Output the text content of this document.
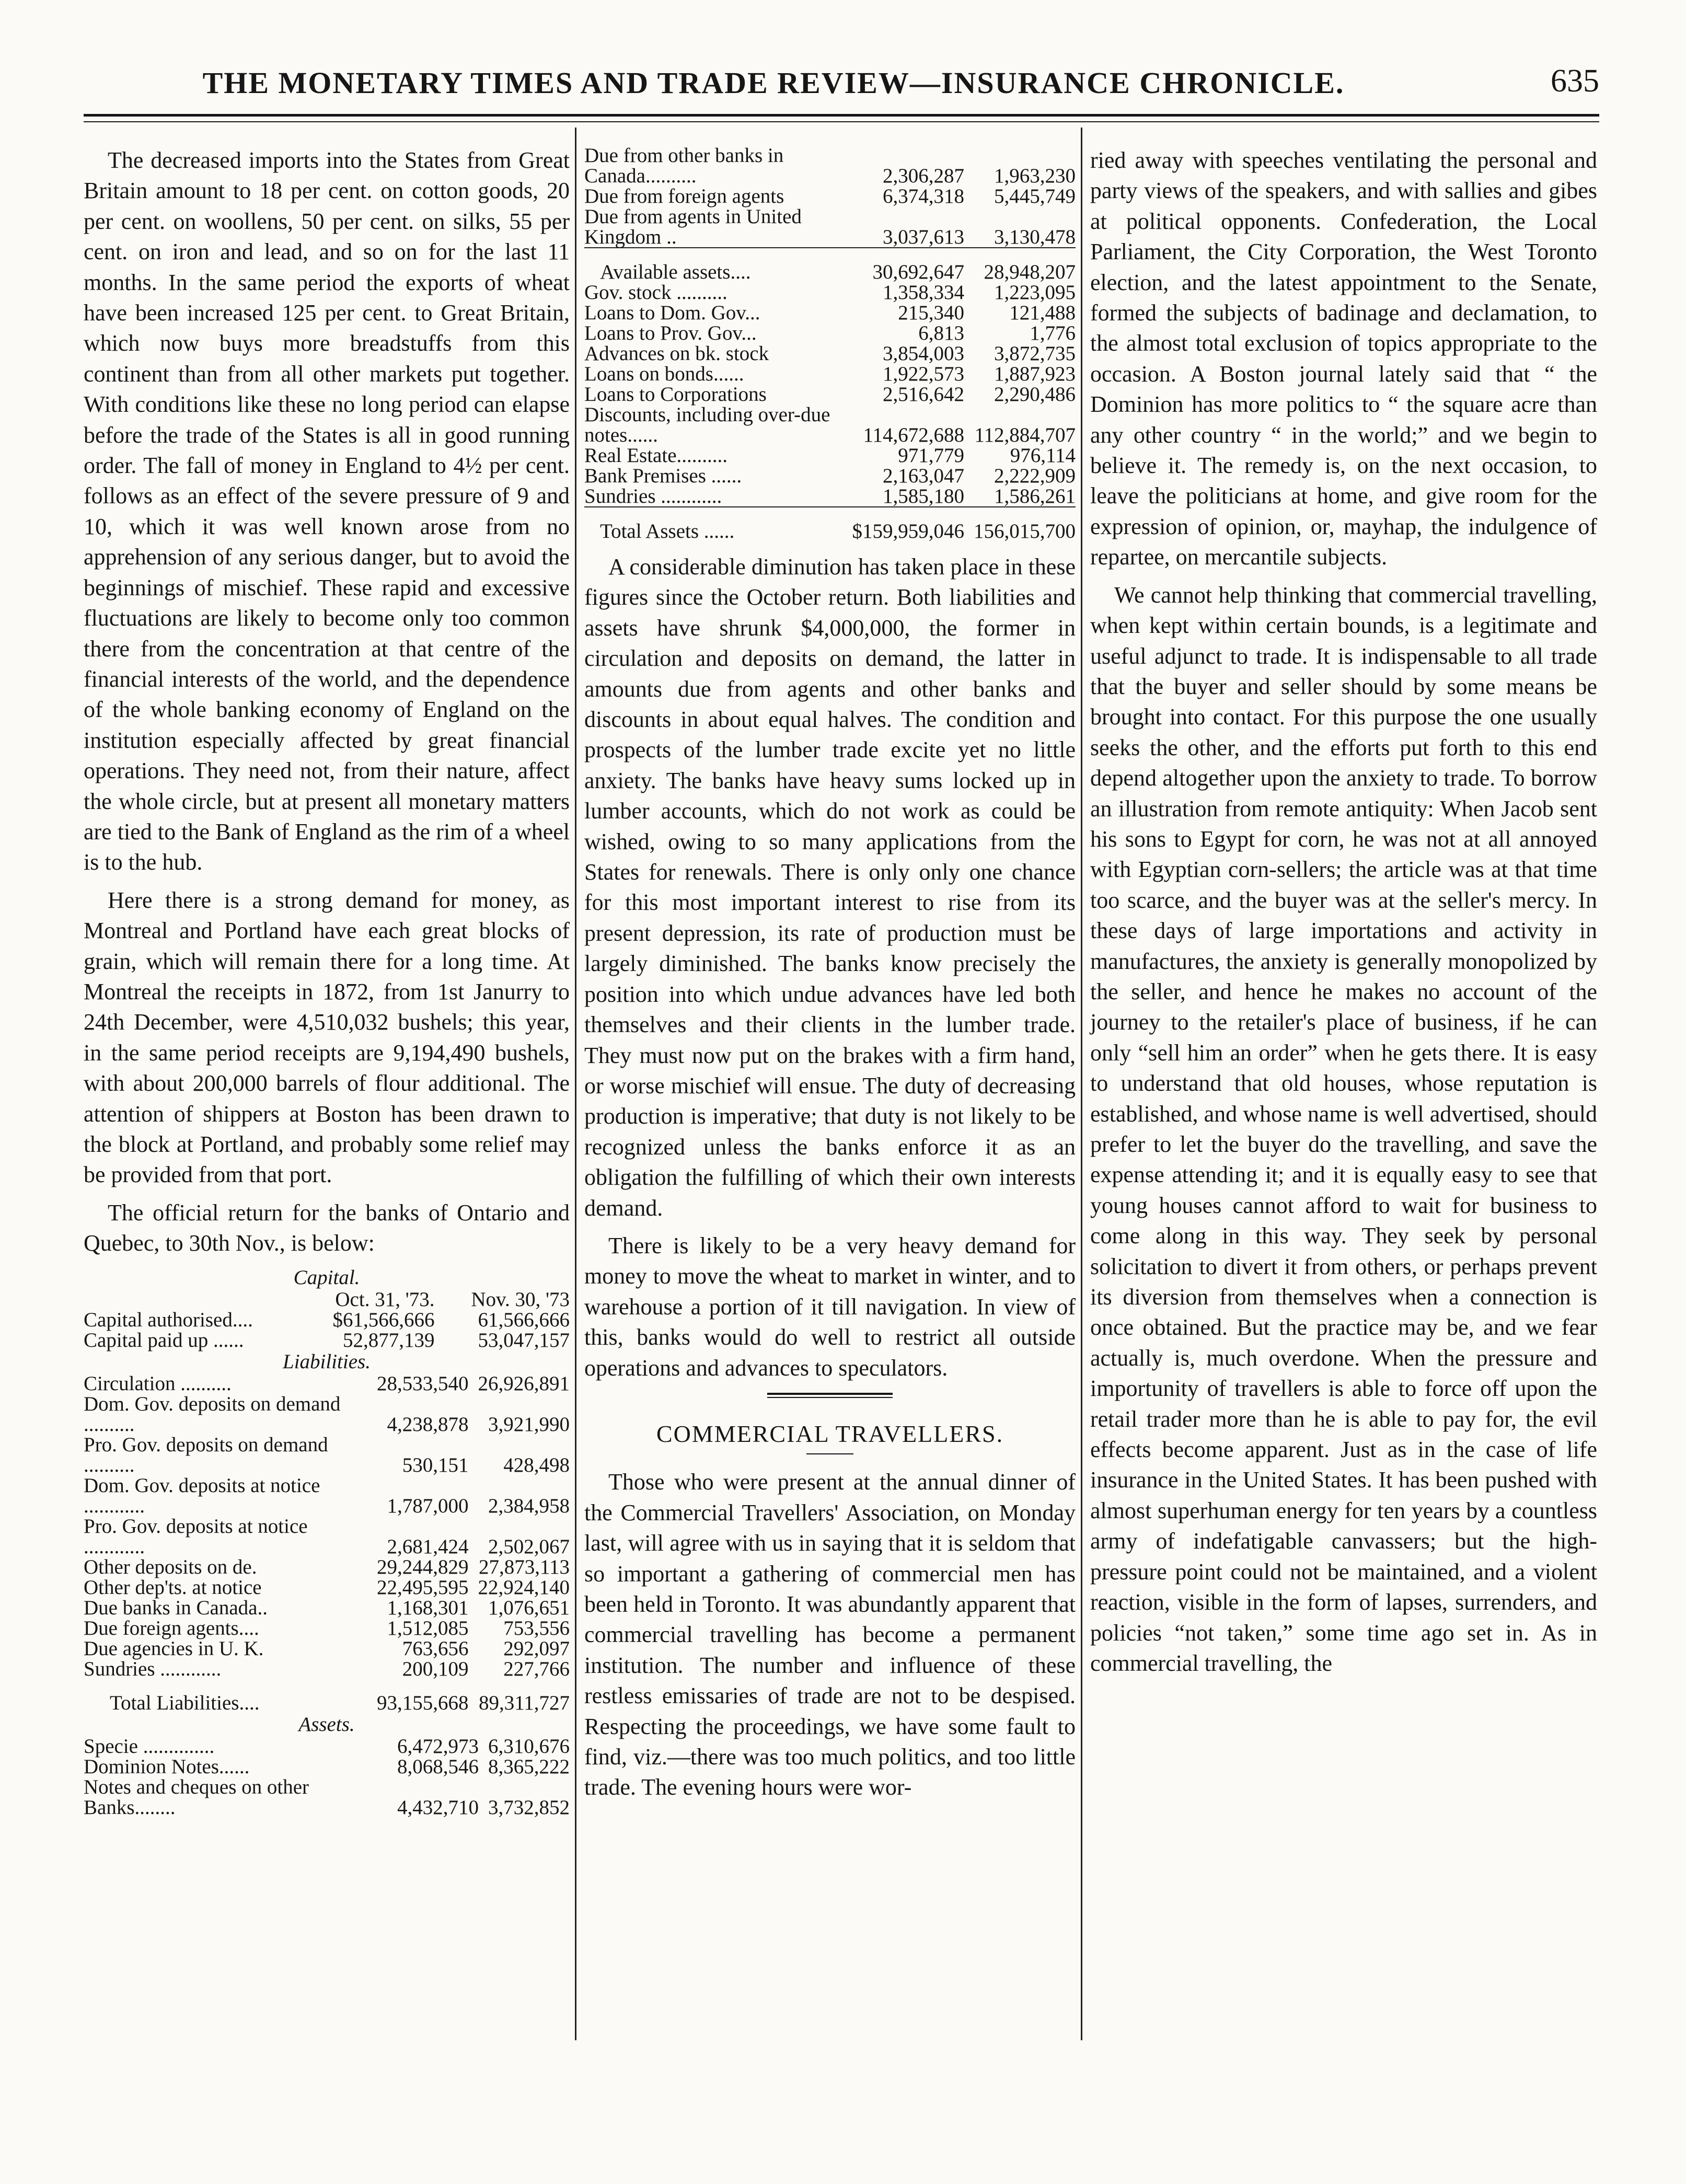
THE MONETARY TIMES AND TRADE REVIEW—INSURANCE CHRONICLE.	635

The decreased imports into the States from Great Britain amount to 18 per cent. on cotton goods, 20 per cent. on woollens, 50 per cent. on silks, 55 per cent. on iron and lead, and so on for the last 11 months. In the same period the exports of wheat have been increased 125 per cent. to Great Britain, which now buys more breadstuffs from this continent than from all other markets put together. With conditions like these no long period can elapse before the trade of the States is all in good running order. The fall of money in England to 4½ per cent. follows as an effect of the severe pressure of 9 and 10, which it was well known arose from no apprehension of any serious danger, but to avoid the beginnings of mischief. These rapid and excessive fluctuations are likely to become only too common there from the concentration at that centre of the financial interests of the world, and the dependence of the whole banking economy of England on the institution especially affected by great financial operations. They need not, from their nature, affect the whole circle, but at present all monetary matters are tied to the Bank of England as the rim of a wheel is to the hub.

Here there is a strong demand for money, as Montreal and Portland have each great blocks of grain, which will remain there for a long time. At Montreal the receipts in 1872, from 1st Janurry to 24th December, were 4,510,032 bushels; this year, in the same period receipts are 9,194,490 bushels, with about 200,000 barrels of flour additional. The attention of shippers at Boston has been drawn to the block at Portland, and probably some relief may be provided from that port.

The official return for the banks of Ontario and Quebec, to 30th Nov., is below:

Capital.
	Oct. 31, '73.	Nov. 30, '73
Capital authorised....	$61,566,666	61,566,666
Capital paid up ......	52,877,139	53,047,157
Liabilities.
Circulation ..........	28,533,540	26,926,891
Dom. Gov. deposits on demand ..........	4,238,878	3,921,990
Pro. Gov. deposits on demand ..........	530,151	428,498
Dom. Gov. deposits at notice ............	1,787,000	2,384,958
Pro. Gov. deposits at notice ............	2,681,424	2,502,067
Other deposits on de.	29,244,829	27,873,113
Other dep'ts. at notice	22,495,595	22,924,140
Due banks in Canada..	1,168,301	1,076,651
Due foreign agents....	1,512,085	753,556
Due agencies in U. K.	763,656	292,097
Sundries ............	200,109	227,766
Total Liabilities....	93,155,668	89,311,727
Assets.
Specie ..............	6,472,973	6,310,676
Dominion Notes......	8,068,546	8,365,222
Notes and cheques on other Banks........	4,432,710	3,732,852
Due from other banks in Canada..........	2,306,287	1,963,230
Due from foreign agents	6,374,318	5,445,749
Due from agents in United Kingdom ..	3,037,613	3,130,478
Available assets....	30,692,647	28,948,207
Gov. stock ..........	1,358,334	1,223,095
Loans to Dom. Gov...	215,340	121,488
Loans to Prov. Gov...	6,813	1,776
Advances on bk. stock	3,854,003	3,872,735
Loans on bonds......	1,922,573	1,887,923
Loans to Corporations	2,516,642	2,290,486
Discounts, including over-due notes......	114,672,688	112,884,707
Real Estate..........	971,779	976,114
Bank Premises ......	2,163,047	2,222,909
Sundries ............	1,585,180	1,586,261
Total Assets ......	$159,959,046	156,015,700

A considerable diminution has taken place in these figures since the October return. Both liabilities and assets have shrunk $4,000,000, the former in circulation and deposits on demand, the latter in amounts due from agents and other banks and discounts in about equal halves. The condition and prospects of the lumber trade excite yet no little anxiety. The banks have heavy sums locked up in lumber accounts, which do not work as could be wished, owing to so many applications from the States for renewals. There is only only one chance for this most important interest to rise from its present depression, its rate of production must be largely diminished. The banks know precisely the position into which undue advances have led both themselves and their clients in the lumber trade. They must now put on the brakes with a firm hand, or worse mischief will ensue. The duty of decreasing production is imperative; that duty is not likely to be recognized unless the banks enforce it as an obligation the fulfilling of which their own interests demand.

There is likely to be a very heavy demand for money to move the wheat to market in winter, and to warehouse a portion of it till navigation. In view of this, banks would do well to restrict all outside operations and advances to speculators.

COMMERCIAL TRAVELLERS.

Those who were present at the annual dinner of the Commercial Travellers' Association, on Monday last, will agree with us in saying that it is seldom that so important a gathering of commercial men has been held in Toronto. It was abundantly apparent that commercial travelling has become a permanent institution. The number and influence of these restless emissaries of trade are not to be despised. Respecting the proceedings, we have some fault to find, viz.—there was too much politics, and too little trade. The evening hours were wor-

ried away with speeches ventilating the personal and party views of the speakers, and with sallies and gibes at political opponents. Confederation, the Local Parliament, the City Corporation, the West Toronto election, and the latest appointment to the Senate, formed the subjects of badinage and declamation, to the almost total exclusion of topics appropriate to the occasion. A Boston journal lately said that “ the Dominion has more politics to “ the square acre than any other country “ in the world;” and we begin to believe it. The remedy is, on the next occasion, to leave the politicians at home, and give room for the expression of opinion, or, mayhap, the indulgence of repartee, on mercantile subjects.

We cannot help thinking that commercial travelling, when kept within certain bounds, is a legitimate and useful adjunct to trade. It is indispensable to all trade that the buyer and seller should by some means be brought into contact. For this purpose the one usually seeks the other, and the efforts put forth to this end depend altogether upon the anxiety to trade. To borrow an illustration from remote antiquity: When Jacob sent his sons to Egypt for corn, he was not at all annoyed with Egyptian corn-sellers; the article was at that time too scarce, and the buyer was at the seller's mercy. In these days of large importations and activity in manufactures, the anxiety is generally monopolized by the seller, and hence he makes no account of the journey to the retailer's place of business, if he can only “sell him an order” when he gets there. It is easy to understand that old houses, whose reputation is established, and whose name is well advertised, should prefer to let the buyer do the travelling, and save the expense attending it; and it is equally easy to see that young houses cannot afford to wait for business to come along in this way. They seek by personal solicitation to divert it from others, or perhaps prevent its diversion from themselves when a connection is once obtained. But the practice may be, and we fear actually is, much overdone. When the pressure and importunity of travellers is able to force off upon the retail trader more than he is able to pay for, the evil effects become apparent. Just as in the case of life insurance in the United States. It has been pushed with almost superhuman energy for ten years by a countless army of indefatigable canvassers; but the high-pressure point could not be maintained, and a violent reaction, visible in the form of lapses, surrenders, and policies “not taken,” some time ago set in. As in commercial travelling, the
